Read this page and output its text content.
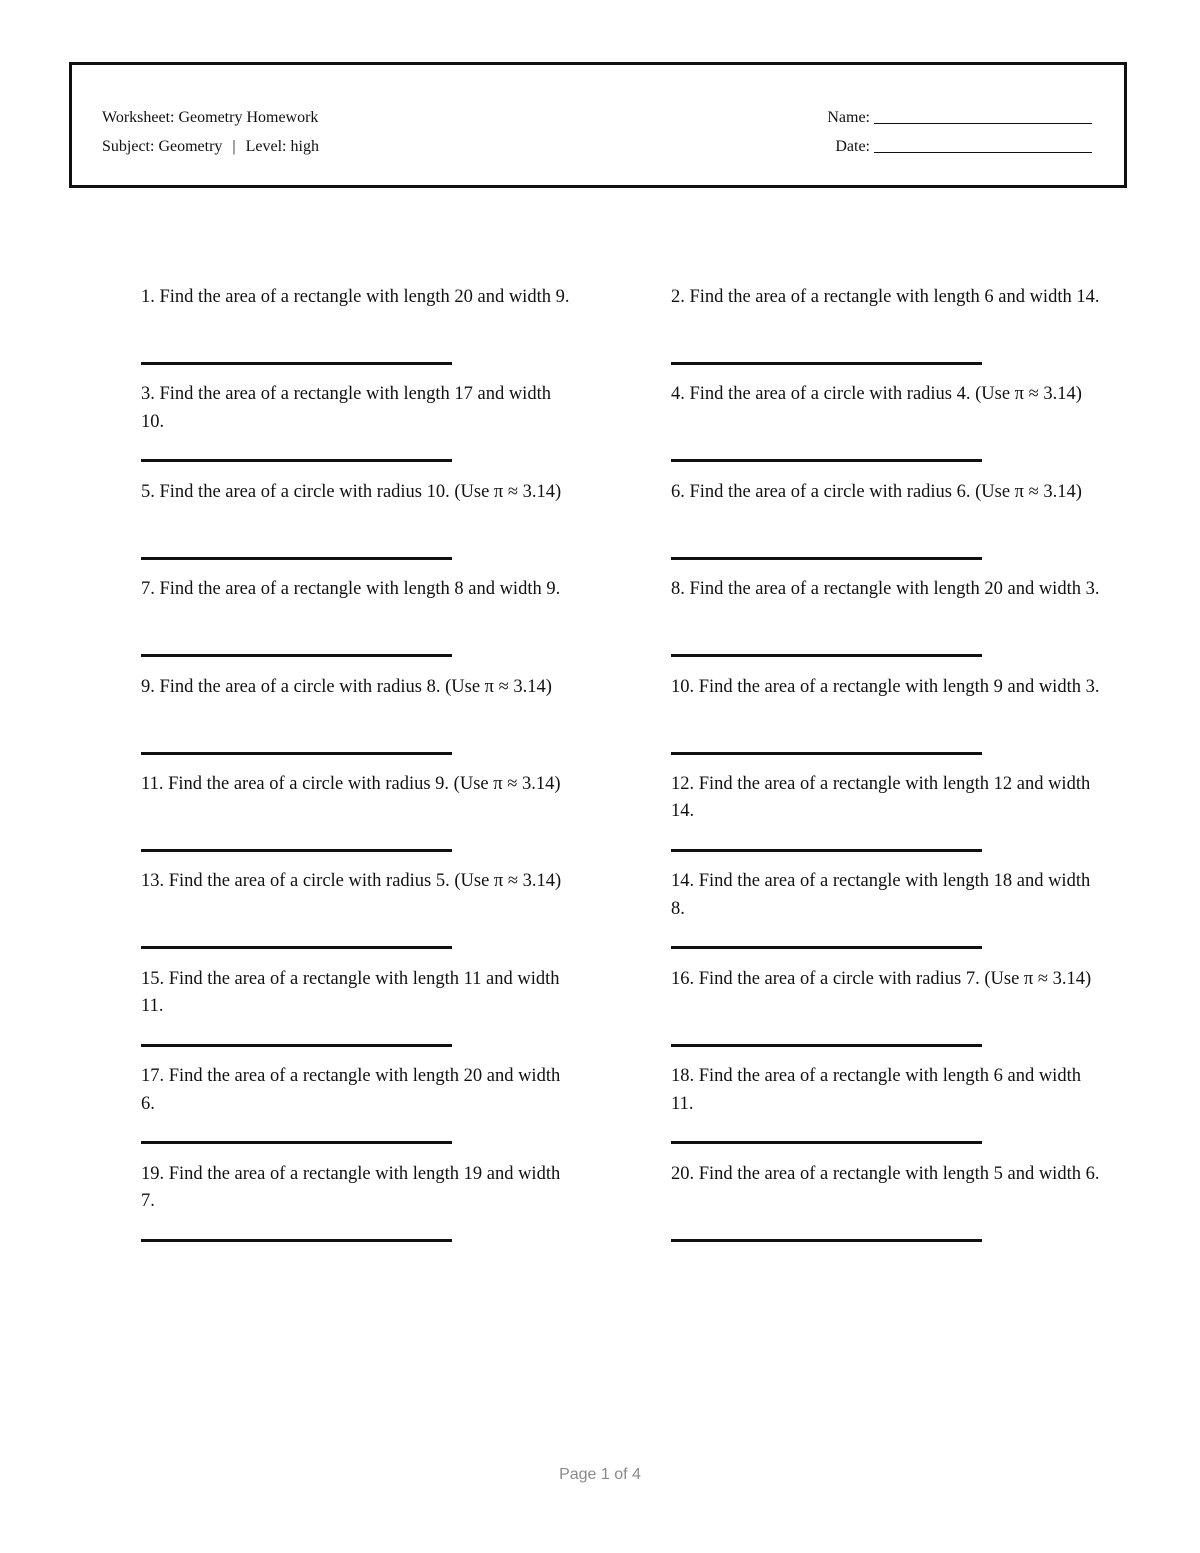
Worksheet: Geometry Homework
Subject: Geometry | Level: high
Name:
Date:

1. Find the area of a rectangle with length 20 and width 9.	2. Find the area of a rectangle with length 6 and width 14.

3. Find the area of a rectangle with length 17 and width 10.

4. Find the area of a circle with radius 4. (Use π ≈ 3.14)

5. Find the area of a circle with radius 10. (Use π ≈ 3.14)	6. Find the area of a circle with radius 6. (Use π ≈ 3.14)

7. Find the area of a rectangle with length 8 and width 9.	8. Find the area of a rectangle with length 20 and width 3.

9. Find the area of a circle with radius 8. (Use π ≈ 3.14)	10. Find the area of a rectangle with length 9 and width 3.

11. Find the area of a circle with radius 9. (Use π ≈ 3.14)	12. Find the area of a rectangle with length 12 and width 14.

13. Find the area of a circle with radius 5. (Use π ≈ 3.14)	14. Find the area of a rectangle with length 18 and width 8.

15. Find the area of a rectangle with length 11 and width 11.

16. Find the area of a circle with radius 7. (Use π ≈ 3.14)

17. Find the area of a rectangle with length 20 and width 6.

18. Find the area of a rectangle with length 6 and width 11.

19. Find the area of a rectangle with length 19 and width 7.

20. Find the area of a rectangle with length 5 and width 6.

Page 1 of 4
